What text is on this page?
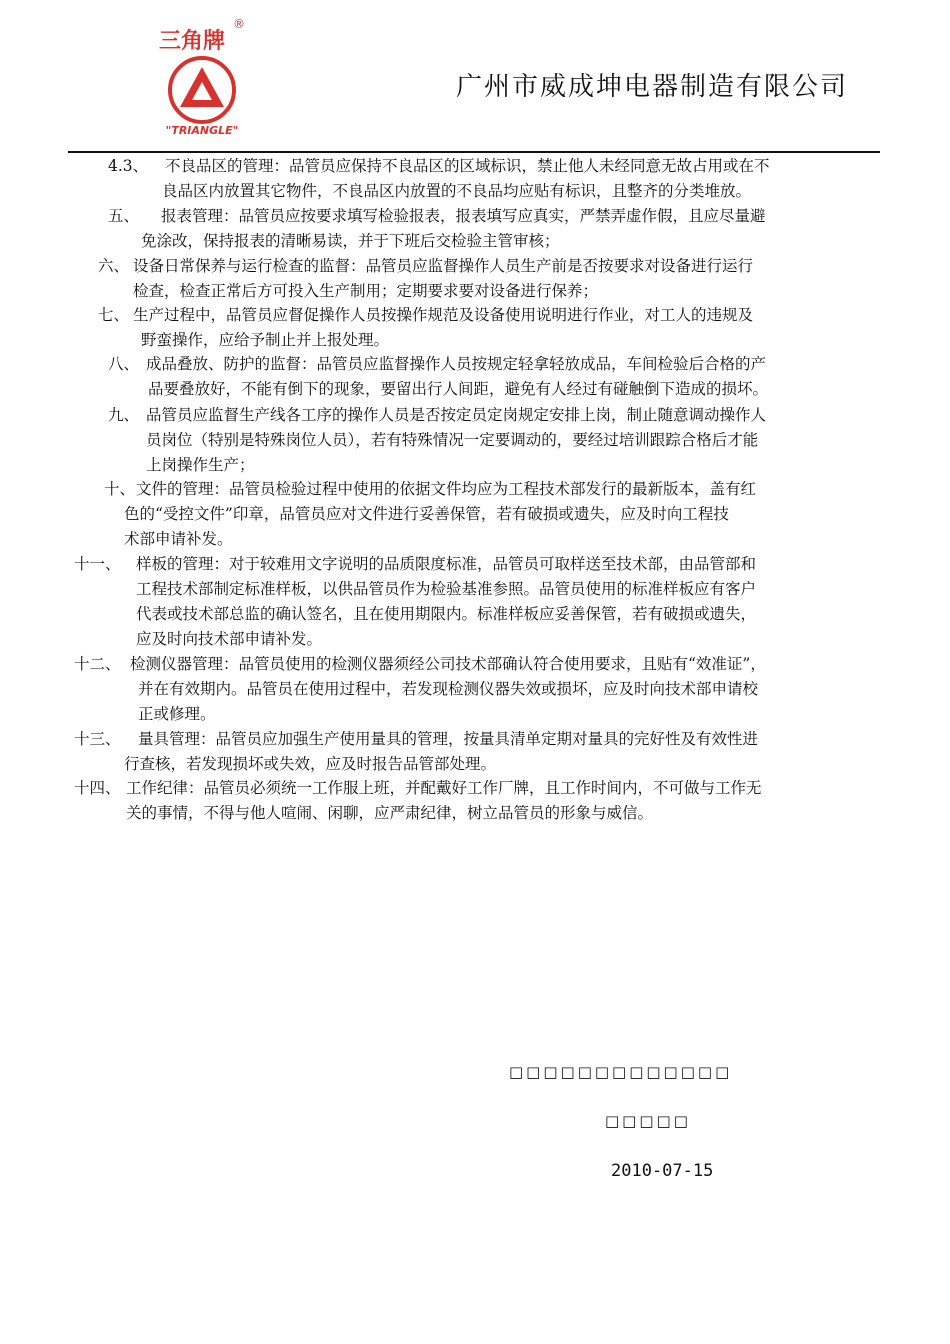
三角牌
®
"TRIANGLE"
广州市威成坤电器制造有限公司
4.3、 不良品区的管理：品管员应保持不良品区的区域标识，禁止他人未经同意无故占用或在不
良品区内放置其它物件，不良品区内放置的不良品均应贴有标识，且整齐的分类堆放。
五、 报表管理：品管员应按要求填写检验报表，报表填写应真实，严禁弄虚作假，且应尽量避
免涂改，保持报表的清晰易读，并于下班后交检验主管审核；
六、 设备日常保养与运行检查的监督：品管员应监督操作人员生产前是否按要求对设备进行运行
检查，检查正常后方可投入生产制用；定期要求要对设备进行保养；
七、 生产过程中，品管员应督促操作人员按操作规范及设备使用说明进行作业，对工人的违规及
野蛮操作，应给予制止并上报处理。
八、 成品叠放、防护的监督：品管员应监督操作人员按规定轻拿轻放成品，车间检验后合格的产
品要叠放好，不能有倒下的现象，要留出行人间距，避免有人经过有碰触倒下造成的损坏。
九、 品管员应监督生产线各工序的操作人员是否按定员定岗规定安排上岗，制止随意调动操作人
员岗位（特别是特殊岗位人员），若有特殊情况一定要调动的，要经过培训跟踪合格后才能
上岗操作生产；
十、 文件的管理：品管员检验过程中使用的依据文件均应为工程技术部发行的最新版本，盖有红
色的“受控文件”印章，品管员应对文件进行妥善保管，若有破损或遗失，应及时向工程技
术部申请补发。
十一、 样板的管理：对于较难用文字说明的品质限度标准，品管员可取样送至技术部，由品管部和
工程技术部制定标准样板，以供品管员作为检验基准参照。品管员使用的标准样板应有客户
代表或技术部总监的确认签名，且在使用期限内。标准样板应妥善保管，若有破损或遗失，
应及时向技术部申请补发。
十二、 检测仪器管理：品管员使用的检测仪器须经公司技术部确认符合使用要求，且贴有“效准证”，
并在有效期内。品管员在使用过程中，若发现检测仪器失效或损坏，应及时向技术部申请校
正或修理。
十三、 量具管理：品管员应加强生产使用量具的管理，按量具清单定期对量具的完好性及有效性进
行查核，若发现损坏或失效，应及时报告品管部处理。
十四、 工作纪律：品管员必须统一工作服上班，并配戴好工作厂牌，且工作时间内，不可做与工作无
关的事情，不得与他人喧闹、闲聊，应严肃纪律，树立品管员的形象与威信。
□□□□□□□□□□□□□
□□□□□
2010-07-15
